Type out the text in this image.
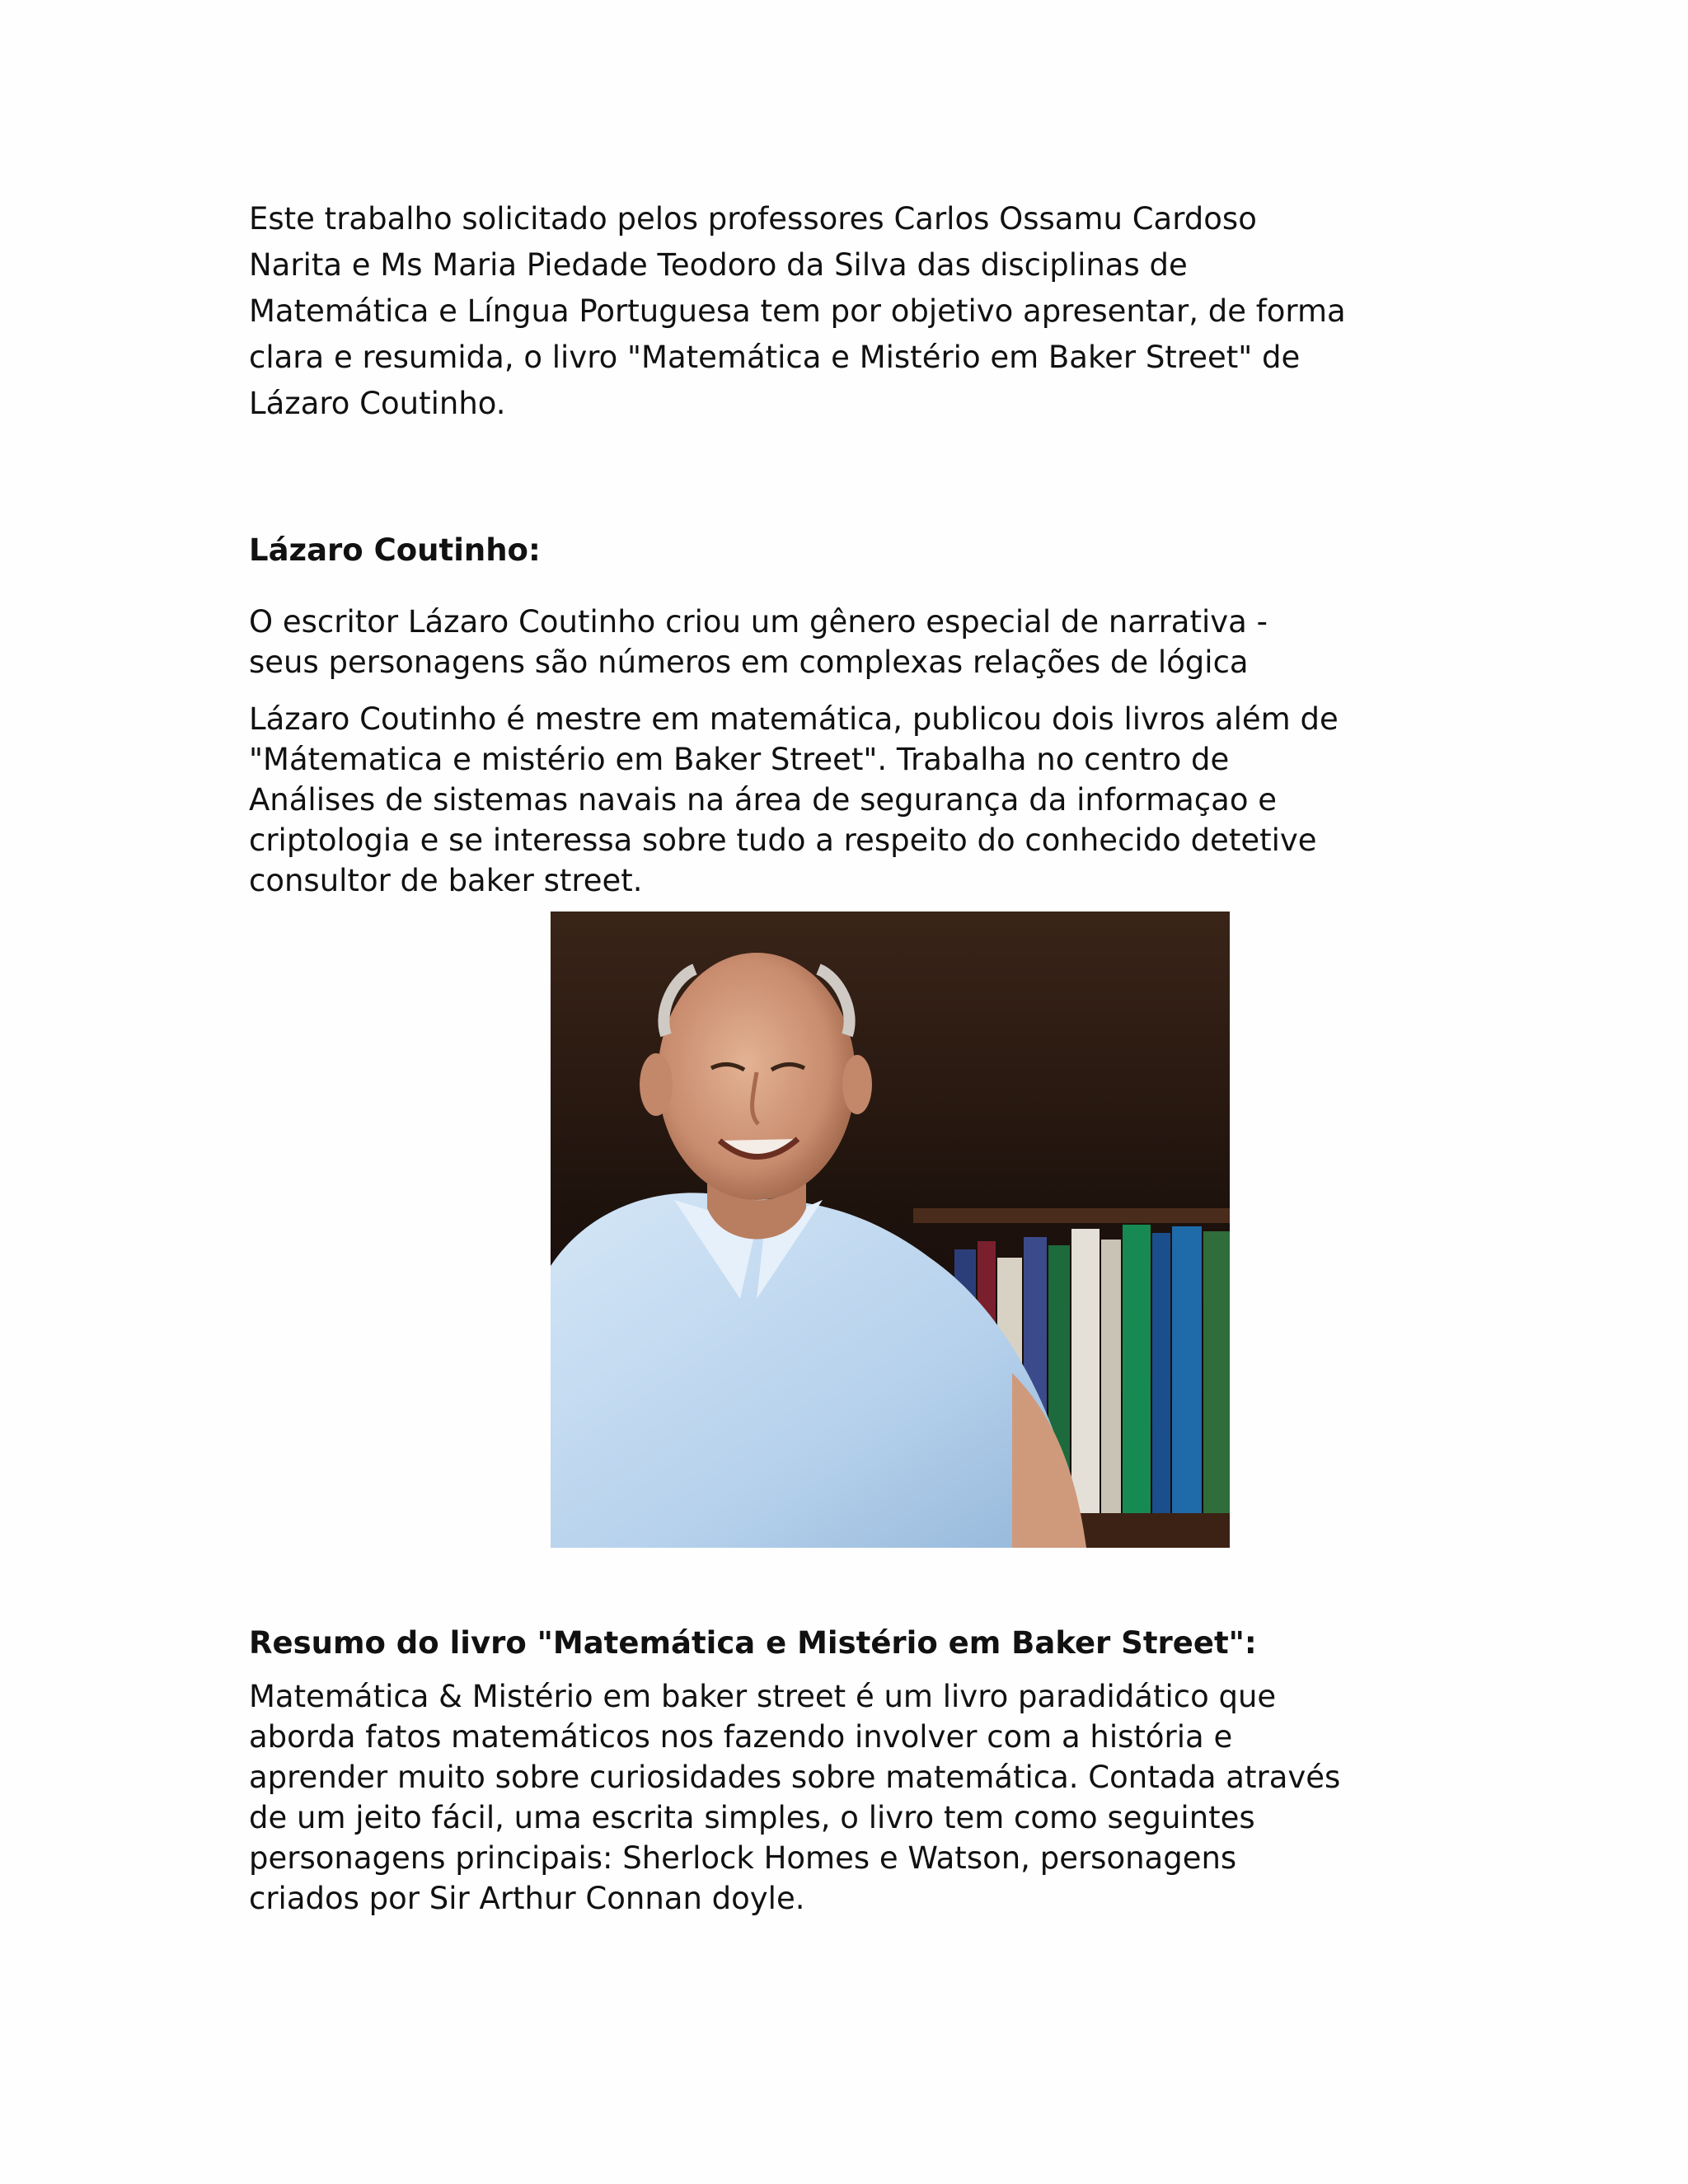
Este trabalho solicitado pelos professores Carlos Ossamu Cardoso

Narita e Ms Maria Piedade Teodoro da Silva das disciplinas de

Matemática e Língua Portuguesa tem por objetivo apresentar, de forma

clara e resumida, o livro "Matemática e Mistério em Baker Street" de

Lázaro Coutinho.

Lázaro Coutinho:

O escritor Lázaro Coutinho criou um gênero especial de narrativa -

seus personagens são números em complexas relações de lógica

Lázaro Coutinho é mestre em matemática, publicou dois livros além de

"Mátematica e mistério em Baker Street". Trabalha no centro de

Análises de sistemas navais na área de segurança da informaçao e

criptologia e se interessa sobre tudo a respeito do conhecido detetive

consultor de baker street.

Resumo do livro "Matemática e Mistério em Baker Street":

Matemática & Mistério em baker street é um livro paradidático que

aborda fatos matemáticos nos fazendo involver com a história e

aprender muito sobre curiosidades sobre matemática. Contada através

de um jeito fácil, uma escrita simples, o livro tem como seguintes

personagens principais: Sherlock Homes e Watson, personagens

criados por Sir Arthur Connan doyle.
